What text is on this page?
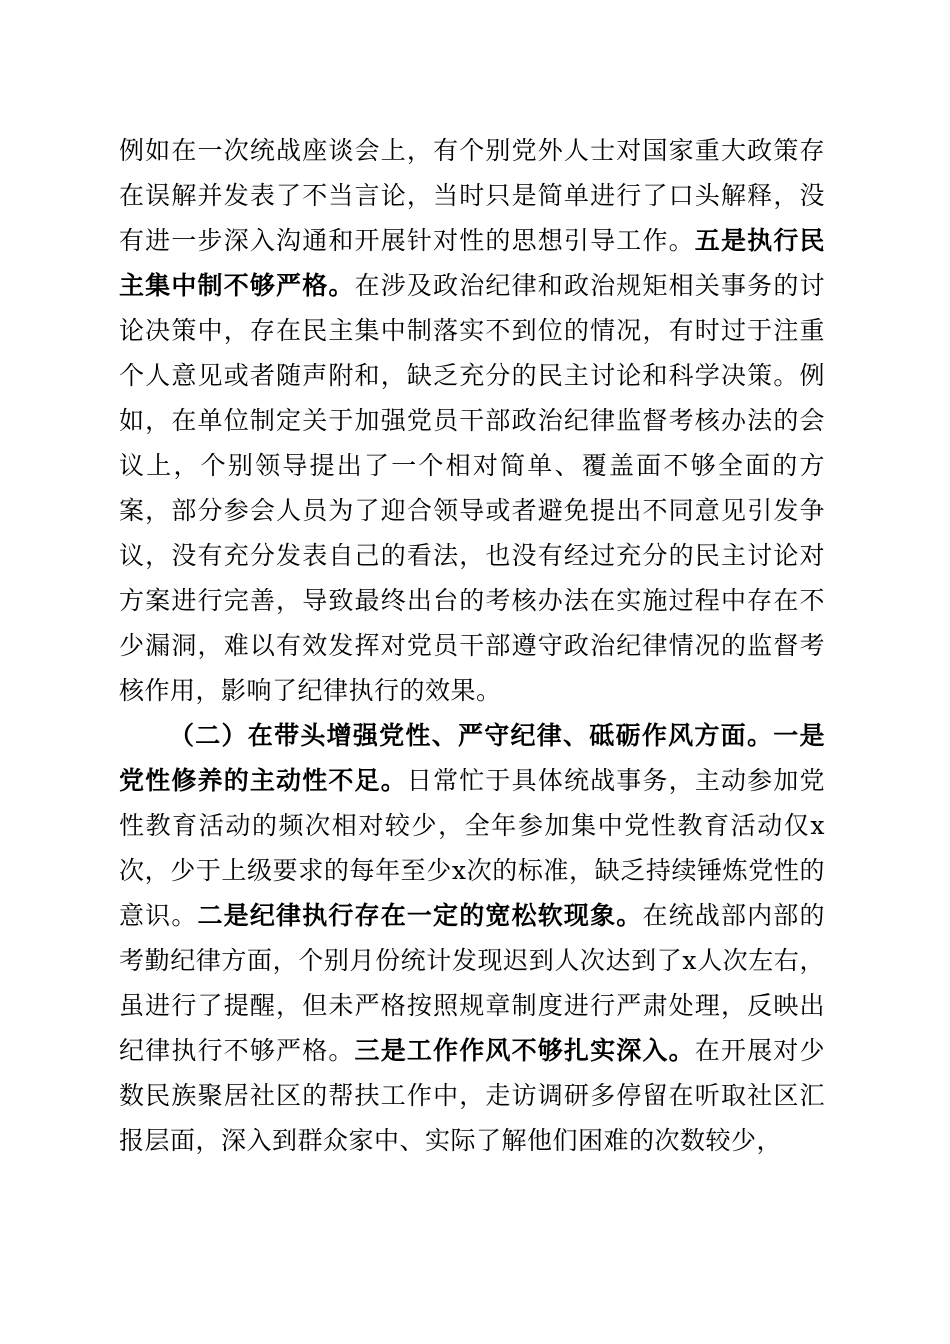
例如在一次统战座谈会上，有个别党外人士对国家重大政策存在误解并发表了不当言论，当时只是简单进行了口头解释，没有进一步深入沟通和开展针对性的思想引导工作。五是执行民主集中制不够严格。在涉及政治纪律和政治规矩相关事务的讨论决策中，存在民主集中制落实不到位的情况，有时过于注重个人意见或者随声附和，缺乏充分的民主讨论和科学决策。例如，在单位制定关于加强党员干部政治纪律监督考核办法的会议上，个别领导提出了一个相对简单、覆盖面不够全面的方案，部分参会人员为了迎合领导或者避免提出不同意见引发争议，没有充分发表自己的看法，也没有经过充分的民主讨论对方案进行完善，导致最终出台的考核办法在实施过程中存在不少漏洞，难以有效发挥对党员干部遵守政治纪律情况的监督考核作用，影响了纪律执行的效果。

（二）在带头增强党性、严守纪律、砥砺作风方面。一是党性修养的主动性不足。日常忙于具体统战事务，主动参加党性教育活动的频次相对较少，全年参加集中党性教育活动仅x次，少于上级要求的每年至少x次的标准，缺乏持续锤炼党性的意识。二是纪律执行存在一定的宽松软现象。在统战部内部的考勤纪律方面，个别月份统计发现迟到人次达到了x人次左右，虽进行了提醒，但未严格按照规章制度进行严肃处理，反映出纪律执行不够严格。三是工作作风不够扎实深入。在开展对少数民族聚居社区的帮扶工作中，走访调研多停留在听取社区汇报层面，深入到群众家中、实际了解他们困难的次数较少，
